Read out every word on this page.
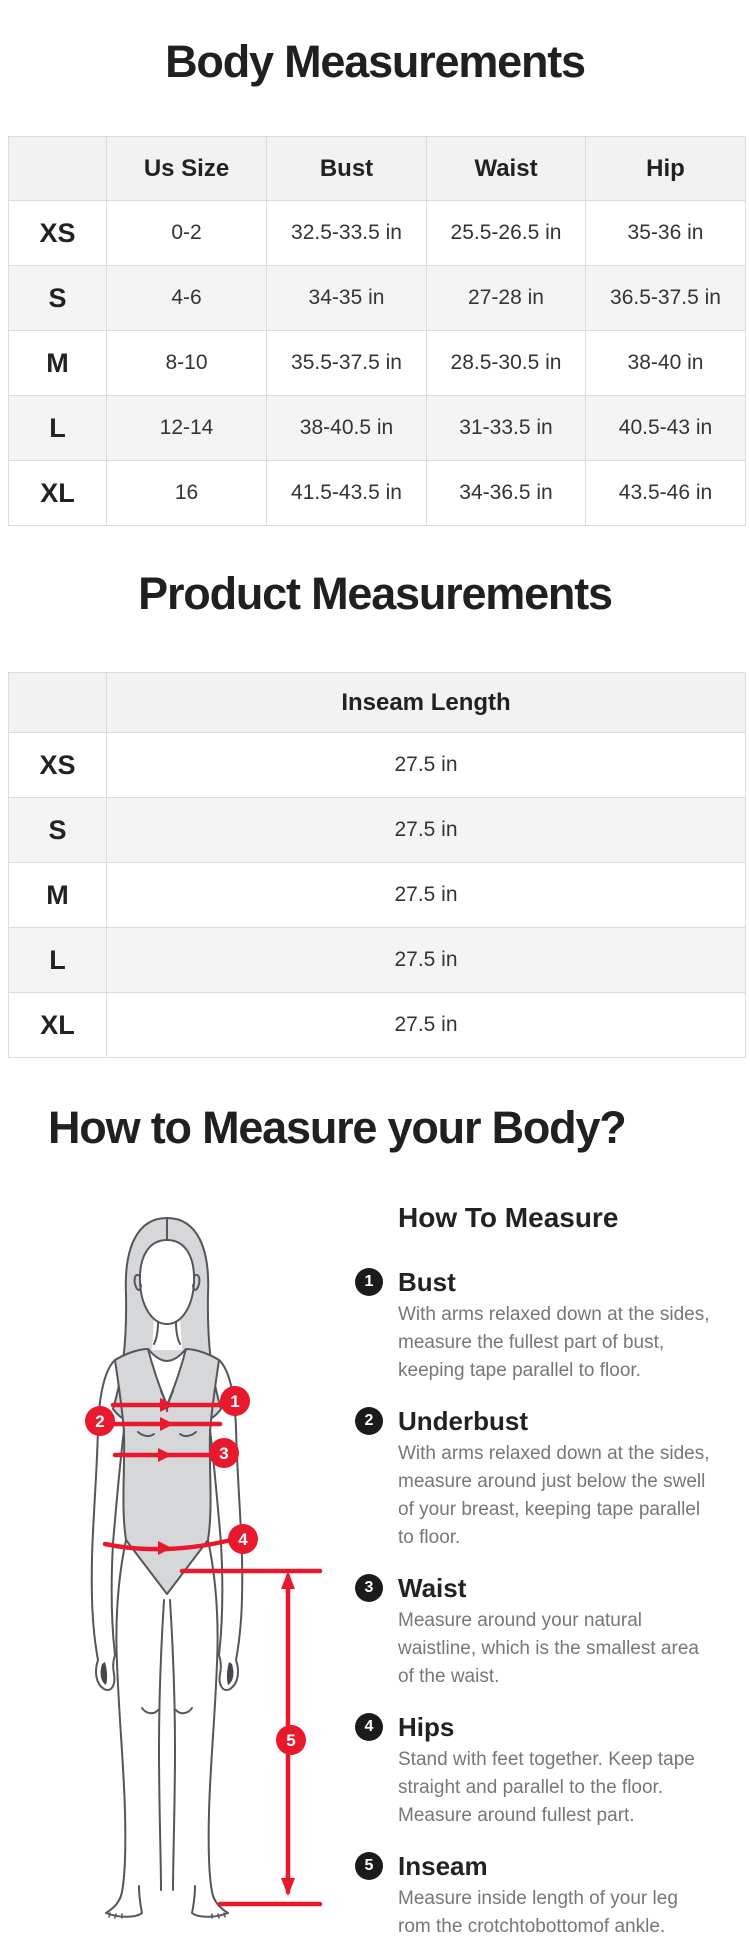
Body Measurements
	Us Size	Bust	Waist	Hip
XS	0-2	32.5-33.5 in	25.5-26.5 in	35-36 in
S	4-6	34-35 in	27-28 in	36.5-37.5 in
M	8-10	35.5-37.5 in	28.5-30.5 in	38-40 in
L	12-14	38-40.5 in	31-33.5 in	40.5-43 in
XL	16	41.5-43.5 in	34-36.5 in	43.5-46 in
Product Measurements
	Inseam Length
XS	27.5 in
S	27.5 in
M	27.5 in
L	27.5 in
XL	27.5 in
How to Measure your Body?
1
2
3
4
5
How To Measure
1 Bust
With arms relaxed down at the sides,
measure the fullest part of bust,
keeping tape parallel to floor.
2 Underbust
With arms relaxed down at the sides,
measure around just below the swell
of your breast, keeping tape parallel
to floor.
3 Waist
Measure around your natural
waistline, which is the smallest area
of the waist.
4 Hips
Stand with feet together. Keep tape
straight and parallel to the floor.
Measure around fullest part.
5 Inseam
Measure inside length of your leg
rom the crotchtobottomof ankle.
